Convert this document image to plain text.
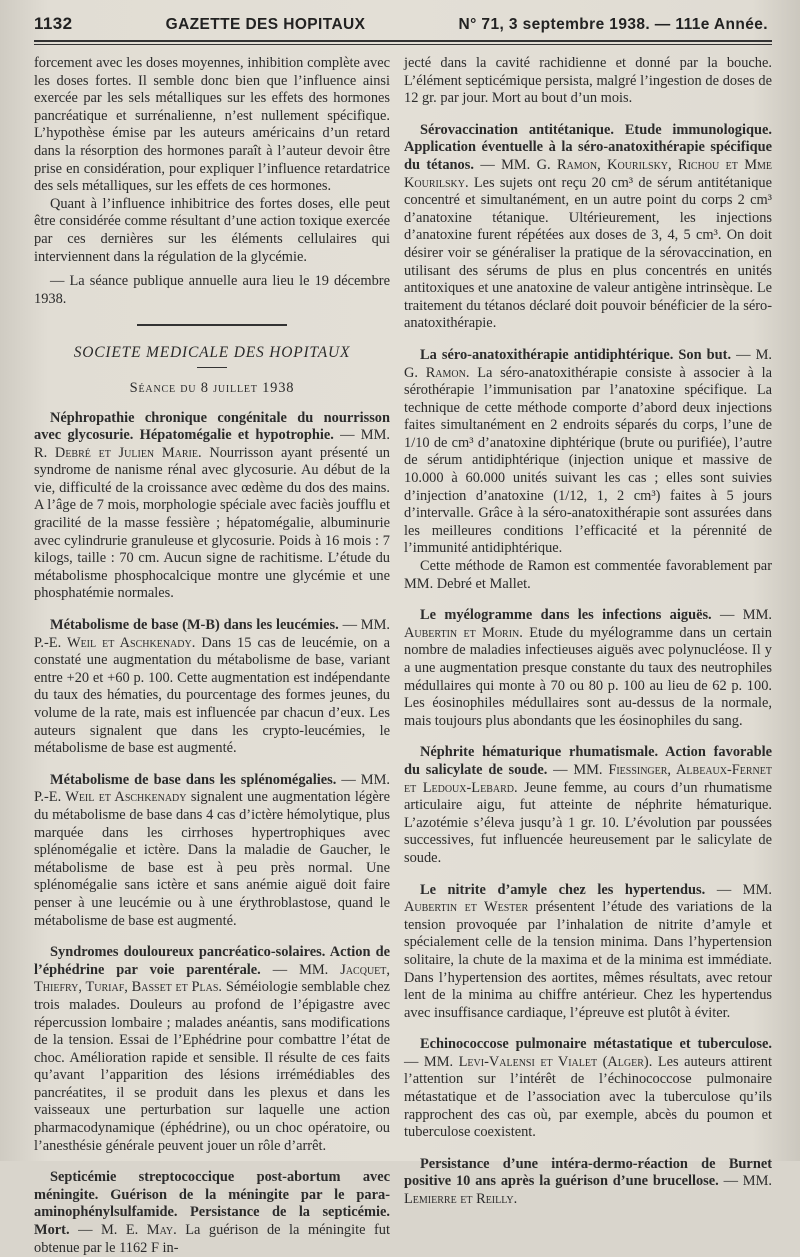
1132	GAZETTE DES HOPITAUX	N° 71, 3 septembre 1938. — 111e Année.

forcement avec les doses moyennes, inhibition complète avec les doses fortes. Il semble donc bien que l’influence ainsi exercée par les sels métalliques sur les effets des hormones pancréatique et surrénalienne, n’est nullement spécifique. L’hypothèse émise par les auteurs américains d’un retard dans la résorption des hormones paraît à l’auteur devoir être prise en considération, pour expliquer l’influence retardatrice des sels métalliques, sur les effets de ces hormones.

Quant à l’influence inhibitrice des fortes doses, elle peut être considérée comme résultant d’une action toxique exercée par ces dernières sur les éléments cellulaires qui interviennent dans la régulation de la glycémie.

— La séance publique annuelle aura lieu le 19 décembre 1938.

SOCIETE MEDICALE DES HOPITAUX

Séance du 8 juillet 1938

Néphropathie chronique congénitale du nourrisson avec glycosurie. Hépatomégalie et hypotrophie. — MM. R. Debré et Julien Marie. Nourrisson ayant présenté un syndrome de nanisme rénal avec glycosurie. Au début de la vie, difficulté de la croissance avec œdème du dos des mains. A l’âge de 7 mois, morphologie spéciale avec faciès joufflu et gracilité de la masse fessière ; hépatomégalie, albuminurie avec cylindrurie granuleuse et glycosurie. Poids à 16 mois : 7 kilogs, taille : 70 cm. Aucun signe de rachitisme. L’étude du métabolisme phosphocalcique montre une glycémie et une phosphatémie normales.

Métabolisme de base (M-B) dans les leucémies. — MM. P.-E. Weil et Aschkenady. Dans 15 cas de leucémie, on a constaté une augmentation du métabolisme de base, variant entre +20 et +60 p. 100. Cette augmentation est indépendante du taux des hématies, du pourcentage des formes jeunes, du volume de la rate, mais est influencée par chacun d’eux. Les auteurs signalent que dans les crypto-leucémies, le métabolisme de base est augmenté.

Métabolisme de base dans les splénomégalies. — MM. P.-E. Weil et Aschkenady signalent une augmentation légère du métabolisme de base dans 4 cas d’ictère hémolytique, plus marquée dans les cirrhoses hypertrophiques avec splénomégalie et ictère. Dans la maladie de Gaucher, le métabolisme de base est à peu près normal. Une splénomégalie sans ictère et sans anémie aiguë doit faire penser à une leucémie ou à une érythroblastose, quand le métabolisme de base est augmenté.

Syndromes douloureux pancréatico-solaires. Action de l’éphédrine par voie parentérale. — MM. Jacquet, Thiefry, Turiaf, Basset et Plas. Séméiologie semblable chez trois malades. Douleurs au profond de l’épigastre avec répercussion lombaire ; malades anéantis, sans modifications de la tension. Essai de l’Ephédrine pour combattre l’état de choc. Amélioration rapide et sensible. Il résulte de ces faits qu’avant l’apparition des lésions irrémédiables des pancréatites, il se produit dans les plexus et dans les vaisseaux une perturbation sur laquelle une action pharmacodynamique (éphédrine), ou un choc opératoire, ou l’anesthésie générale peuvent jouer un rôle d’arrêt.

Septicémie streptococcique post-abortum avec méningite. Guérison de la méningite par le para-aminophénylsulfamide. Persistance de la septicémie. Mort. — M. E. May. La guérison de la méningite fut obtenue par le 1162 F in-

jecté dans la cavité rachidienne et donné par la bouche. L’élément septicémique persista, malgré l’ingestion de doses de 12 gr. par jour. Mort au bout d’un mois.

Sérovaccination antitétanique. Etude immunologique. Application éventuelle à la séro-anatoxithérapie spécifique du tétanos. — MM. G. Ramon, Kourilsky, Richou et Mme Kourilsky. Les sujets ont reçu 20 cm³ de sérum antitétanique concentré et simultanément, en un autre point du corps 2 cm³ d’anatoxine tétanique. Ultérieurement, les injections d’anatoxine furent répétées aux doses de 3, 4, 5 cm³. On doit désirer voir se généraliser la pratique de la sérovaccination, en utilisant des sérums de plus en plus concentrés en unités antitoxiques et une anatoxine de valeur antigène intrinsèque. Le traitement du tétanos déclaré doit pouvoir bénéficier de la séro-anatoxithérapie.

La séro-anatoxithérapie antidiphtérique. Son but. — M. G. Ramon. La séro-anatoxithérapie consiste à associer à la sérothérapie l’immunisation par l’anatoxine spécifique. La technique de cette méthode comporte d’abord deux injections faites simultanément en 2 endroits séparés du corps, l’une de 1/10 de cm³ d’anatoxine diphtérique (brute ou purifiée), l’autre de sérum antidiphtérique (injection unique et massive de 10.000 à 60.000 unités suivant les cas ; elles sont suivies d’injection d’anatoxine (1/12, 1, 2 cm³) faites à 5 jours d’intervalle. Grâce à la séro-anatoxithérapie sont assurées dans les meilleures conditions l’efficacité et la pérennité de l’immunité antidiphtérique.

Cette méthode de Ramon est commentée favorablement par MM. Debré et Mallet.

Le myélogramme dans les infections aiguës. — MM. Aubertin et Morin. Etude du myélogramme dans un certain nombre de maladies infectieuses aiguës avec polynucléose. Il y a une augmentation presque constante du taux des neutrophiles médullaires qui monte à 70 ou 80 p. 100 au lieu de 62 p. 100. Les éosinophiles médullaires sont au-dessus de la normale, mais toujours plus abondants que les éosinophiles du sang.

Néphrite hématurique rhumatismale. Action favorable du salicylate de soude. — MM. Fiessinger, Albeaux-Fernet et Ledoux-Lebard. Jeune femme, au cours d’un rhumatisme articulaire aigu, fut atteinte de néphrite hématurique. L’azotémie s’éleva jusqu’à 1 gr. 10. L’évolution par poussées successives, fut influencée heureusement par le salicylate de soude.

Le nitrite d’amyle chez les hypertendus. — MM. Aubertin et Wester présentent l’étude des variations de la tension provoquée par l’inhalation de nitrite d’amyle et spécialement celle de la tension minima. Dans l’hypertension solitaire, la chute de la maxima et de la minima est immédiate. Dans l’hypertension des aortites, mêmes résultats, avec retour lent de la minima au chiffre antérieur. Chez les hypertendus avec insuffisance cardiaque, l’épreuve est plutôt à éviter.

Echinococcose pulmonaire métastatique et tuberculose. — MM. Levi-Valensi et Vialet (Alger). Les auteurs attirent l’attention sur l’intérêt de l’échinococcose pulmonaire métastatique et de l’association avec la tuberculose qu’ils rapprochent des cas où, par exemple, abcès du poumon et tuberculose coexistent.

Persistance d’une intéra-dermo-réaction de Burnet positive 10 ans après la guérison d’une brucellose. — MM. Lemierre et Reilly.
